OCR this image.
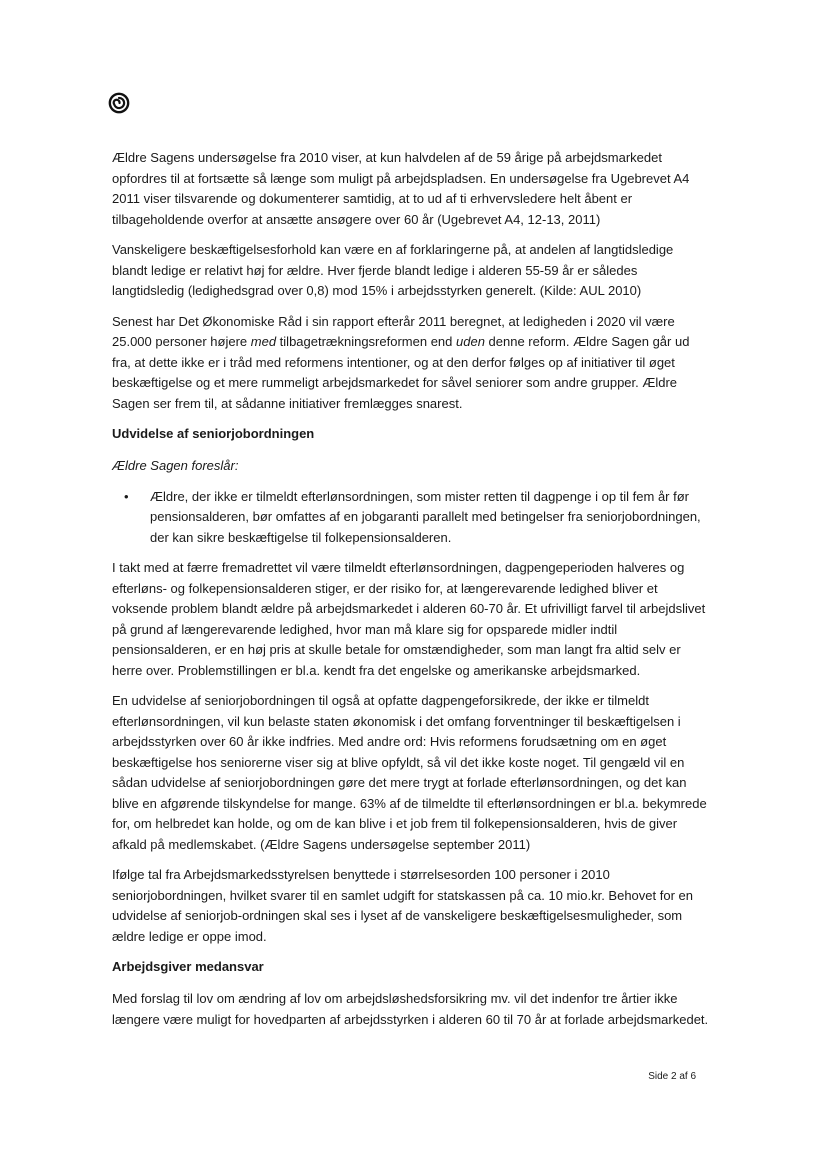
Ældre Sagens undersøgelse fra 2010 viser, at kun halvdelen af de 59 årige på arbejdsmarkedet opfordres til at fortsætte så længe som muligt på arbejdspladsen. En undersøgelse fra Ugebrevet A4 2011 viser tilsvarende og dokumenterer samtidig, at to ud af ti erhvervsledere helt åbent er tilbageholdende overfor at ansætte ansøgere over 60 år (Ugebrevet A4, 12-13, 2011)

Vanskeligere beskæftigelsesforhold kan være en af forklaringerne på, at andelen af langtidsledige blandt ledige er relativt høj for ældre. Hver fjerde blandt ledige i alderen 55-59 år er således langtidsledig (ledighedsgrad over 0,8) mod 15% i arbejdsstyrken generelt. (Kilde: AUL 2010)

Senest har Det Økonomiske Råd i sin rapport efterår 2011 beregnet, at ledigheden i 2020 vil være 25.000 personer højere med tilbagetrækningsreformen end uden denne reform. Ældre Sagen går ud fra, at dette ikke er i tråd med reformens intentioner, og at den derfor følges op af initiativer til øget beskæftigelse og et mere rummeligt arbejdsmarkedet for såvel seniorer som andre grupper. Ældre Sagen ser frem til, at sådanne initiativer fremlægges snarest.

Udvidelse af seniorjobordningen

Ældre Sagen foreslår:

• Ældre, der ikke er tilmeldt efterlønsordningen, som mister retten til dagpenge i op til fem år før pensionsalderen, bør omfattes af en jobgaranti parallelt med betingelser fra seniorjobordningen, der kan sikre beskæftigelse til folkepensionsalderen.

I takt med at færre fremadrettet vil være tilmeldt efterlønsordningen, dagpengeperioden halveres og efterløns- og folkepensionsalderen stiger, er der risiko for, at længerevarende ledighed bliver et voksende problem blandt ældre på arbejdsmarkedet i alderen 60-70 år. Et ufrivilligt farvel til arbejdslivet på grund af længerevarende ledighed, hvor man må klare sig for opsparede midler indtil pensionsalderen, er en høj pris at skulle betale for omstændigheder, som man langt fra altid selv er herre over. Problemstillingen er bl.a. kendt fra det engelske og amerikanske arbejdsmarked.

En udvidelse af seniorjobordningen til også at opfatte dagpengeforsikrede, der ikke er tilmeldt efterlønsordningen, vil kun belaste staten økonomisk i det omfang forventninger til beskæftigelsen i arbejdsstyrken over 60 år ikke indfries. Med andre ord: Hvis reformens forudsætning om en øget beskæftigelse hos seniorerne viser sig at blive opfyldt, så vil det ikke koste noget. Til gengæld vil en sådan udvidelse af seniorjobordningen gøre det mere trygt at forlade efterlønsordningen, og det kan blive en afgørende tilskyndelse for mange. 63% af de tilmeldte til efterlønsordningen er bl.a. bekymrede for, om helbredet kan holde, og om de kan blive i et job frem til folkepensionsalderen, hvis de giver afkald på medlemskabet. (Ældre Sagens undersøgelse september 2011)

Ifølge tal fra Arbejdsmarkedsstyrelsen benyttede i størrelsesorden 100 personer i 2010 seniorjobordningen, hvilket svarer til en samlet udgift for statskassen på ca. 10 mio.kr. Behovet for en udvidelse af seniorjob-ordningen skal ses i lyset af de vanskeligere beskæftigelsesmuligheder, som ældre ledige er oppe imod.

Arbejdsgiver medansvar

Med forslag til lov om ændring af lov om arbejdsløshedsforsikring mv. vil det indenfor tre årtier ikke længere være muligt for hovedparten af arbejdsstyrken i alderen 60 til 70 år at forlade arbejdsmarkedet.

Side 2 af 6
